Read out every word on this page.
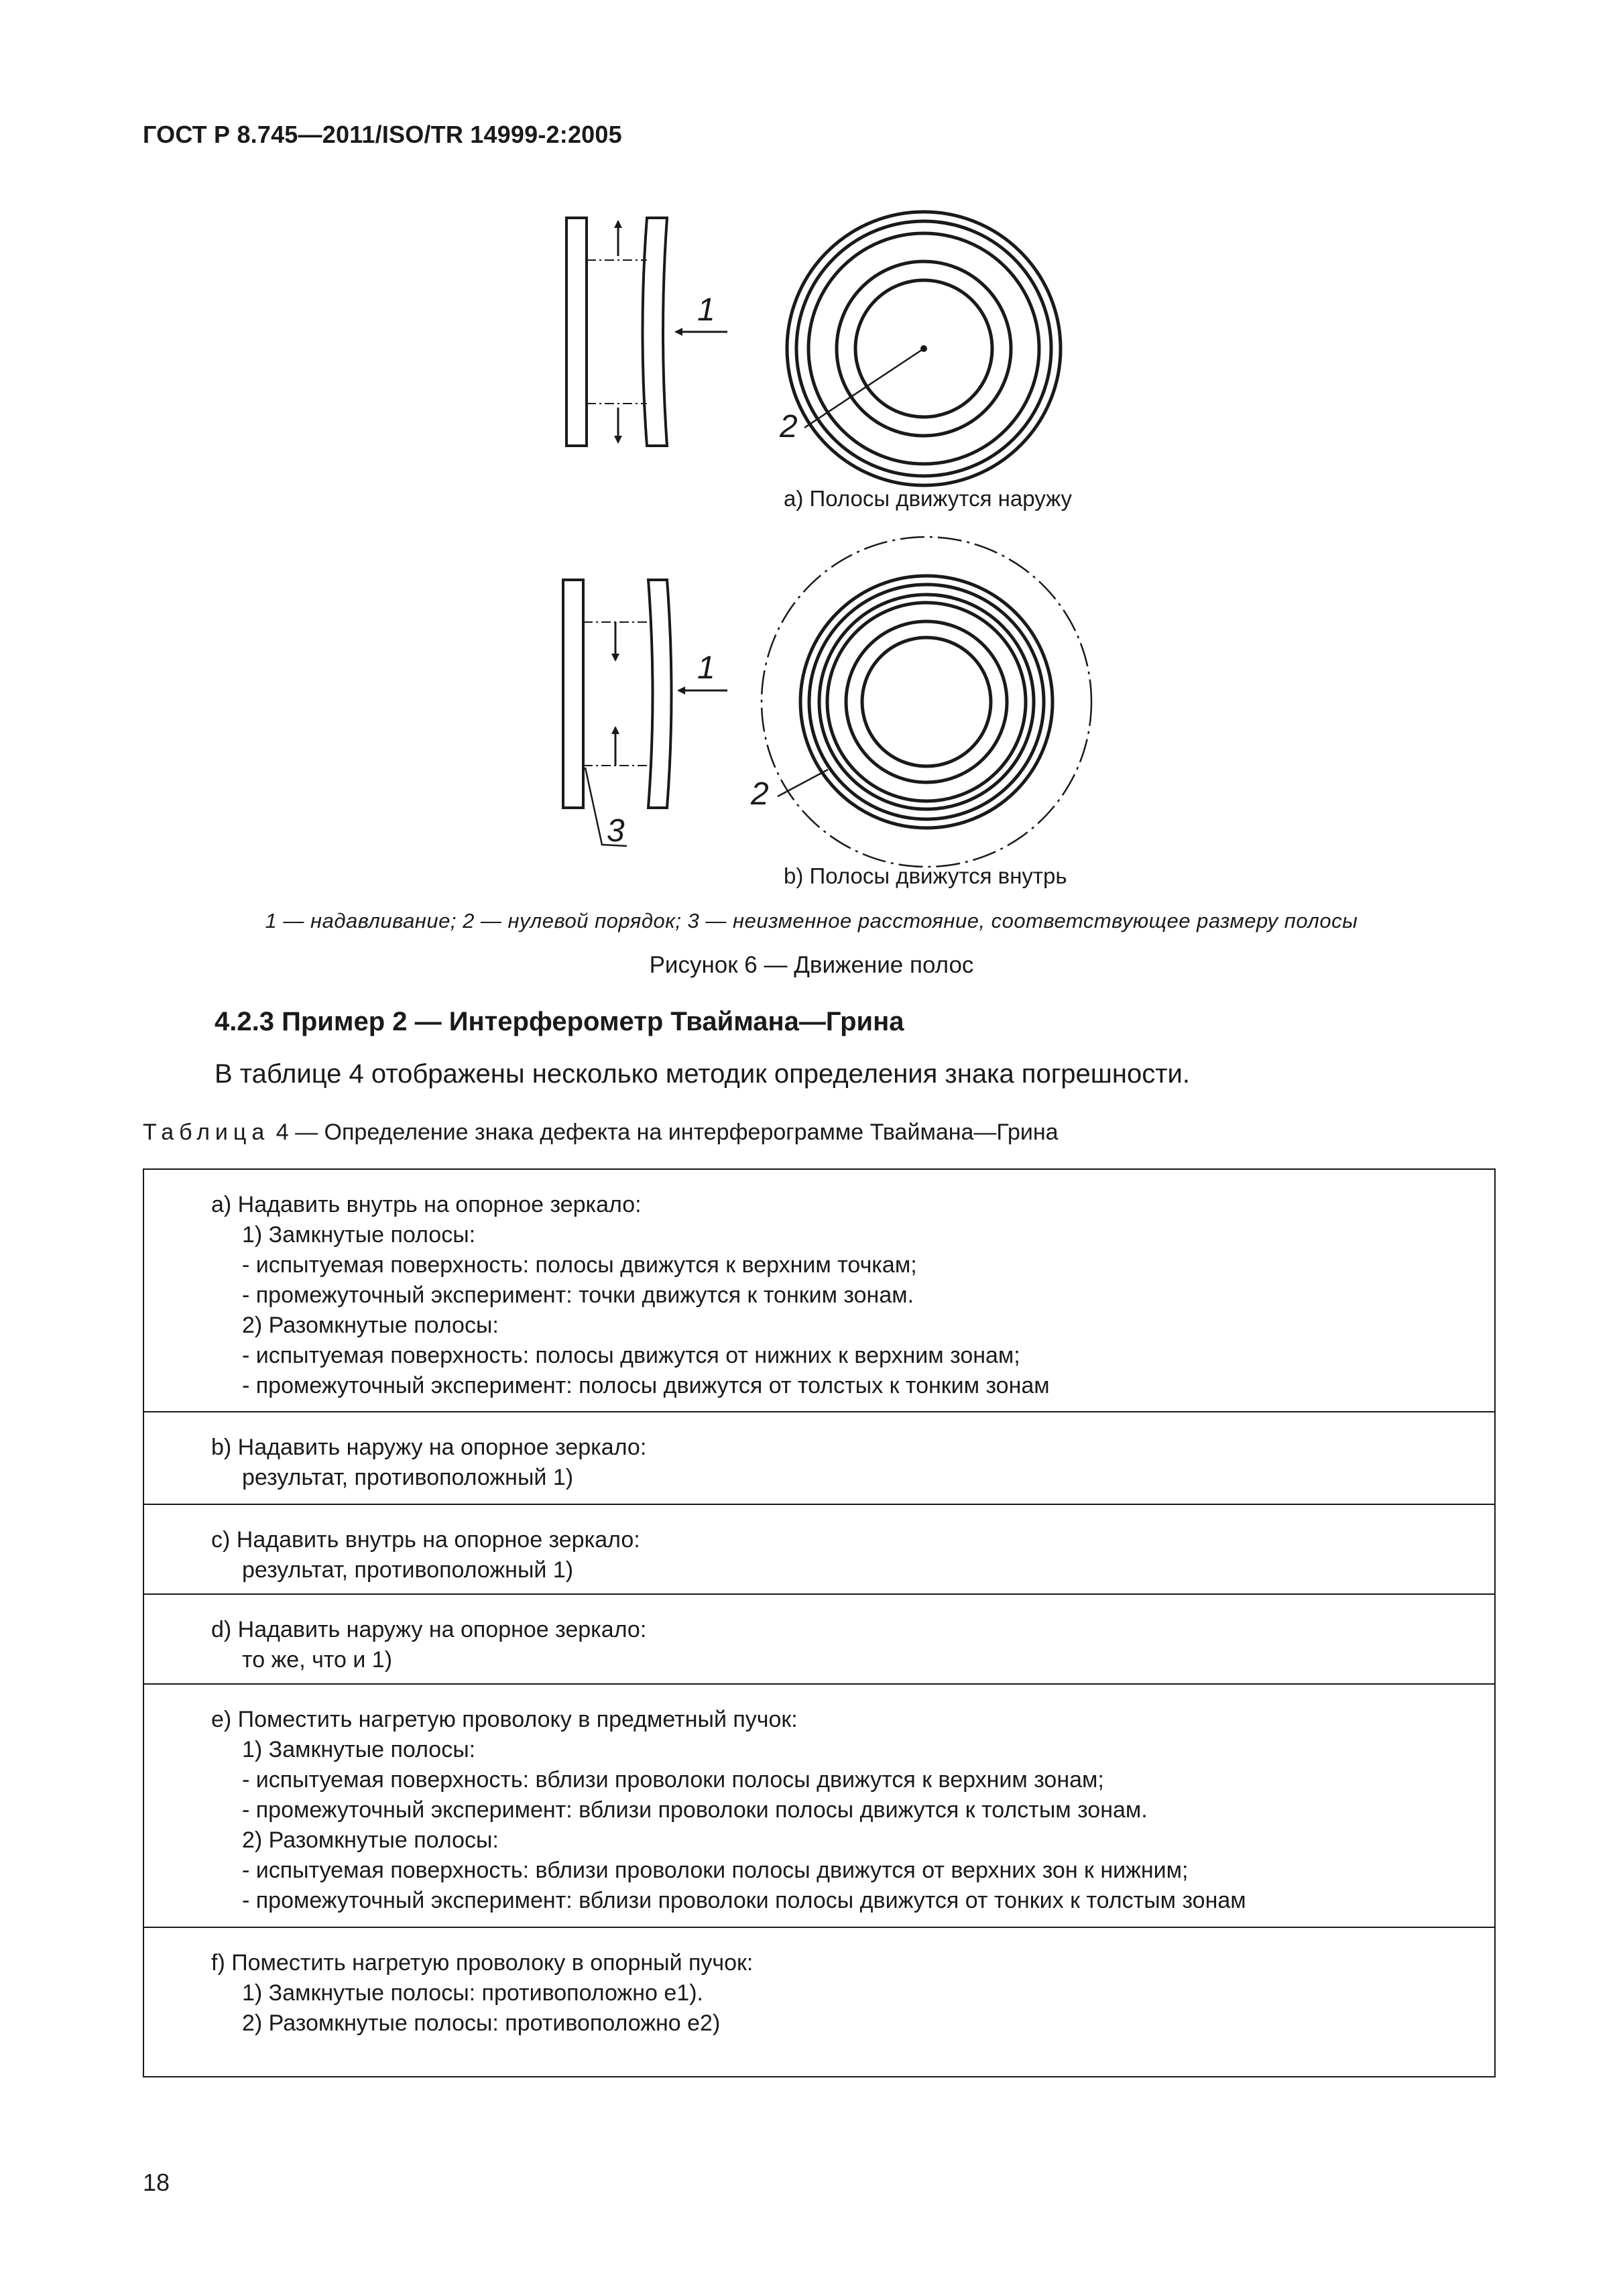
ГОСТ Р 8.745—2011/ISO/TR 14999-2:2005
1
2
1
2
3
a) Полосы движутся наружу
b) Полосы движутся внутрь
1 — надавливание; 2 — нулевой порядок; 3 — неизменное расстояние, соответствующее размеру полосы
Рисунок 6 — Движение полос
4.2.3 Пример 2 — Интерферометр Тваймана—Грина
В таблице 4 отображены несколько методик определения знака погрешности.
Таблица 4 — Определение знака дефекта на интерферограмме Тваймана—Грина
a) Надавить внутрь на опорное зеркало:
1) Замкнутые полосы:
- испытуемая поверхность: полосы движутся к верхним точкам;
- промежуточный эксперимент: точки движутся к тонким зонам.
2) Разомкнутые полосы:
- испытуемая поверхность: полосы движутся от нижних к верхним зонам;
- промежуточный эксперимент: полосы движутся от толстых к тонким зонам
b) Надавить наружу на опорное зеркало:
результат, противоположный 1)
c) Надавить внутрь на опорное зеркало:
результат, противоположный 1)
d) Надавить наружу на опорное зеркало:
то же, что и 1)
e) Поместить нагретую проволоку в предметный пучок:
1) Замкнутые полосы:
- испытуемая поверхность: вблизи проволоки полосы движутся к верхним зонам;
- промежуточный эксперимент: вблизи проволоки полосы движутся к толстым зонам.
2) Разомкнутые полосы:
- испытуемая поверхность: вблизи проволоки полосы движутся от верхних зон к нижним;
- промежуточный эксперимент: вблизи проволоки полосы движутся от тонких к толстым зонам
f) Поместить нагретую проволоку в опорный пучок:
1) Замкнутые полосы: противоположно е1).
2) Разомкнутые полосы: противоположно е2)
18
